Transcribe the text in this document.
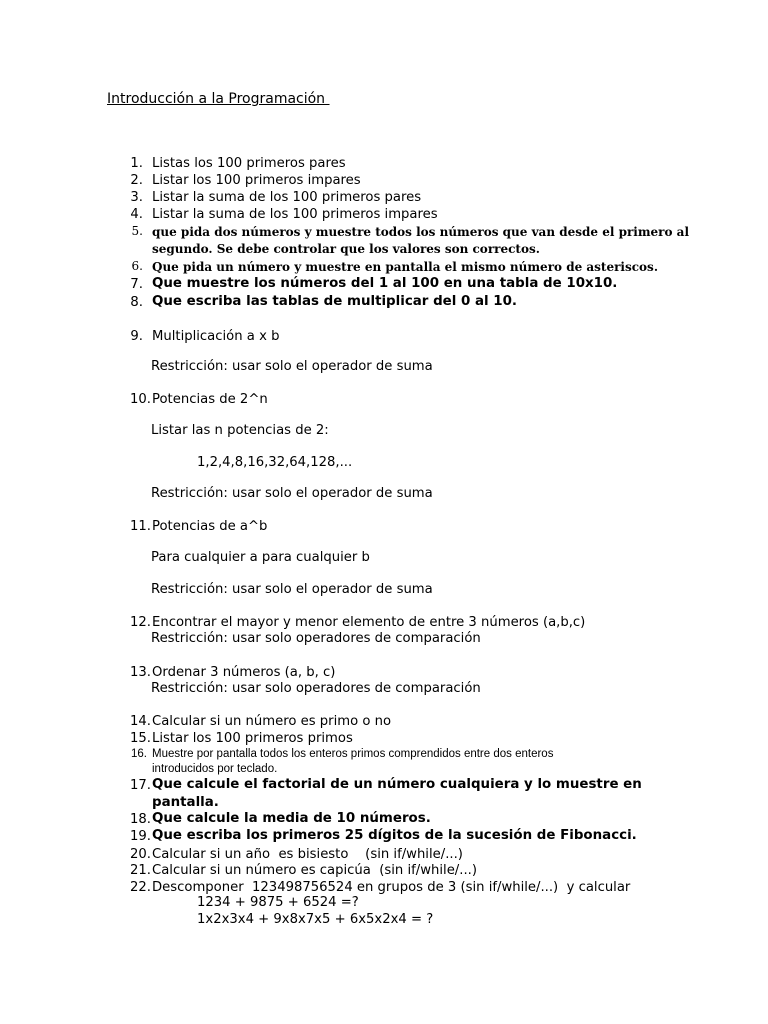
Introducción a la Programación
1. Listas los 100 primeros pares
2. Listar los 100 primeros impares
3. Listar la suma de los 100 primeros pares
4. Listar la suma de los 100 primeros impares
5. que pida dos números y muestre todos los números que van desde el primero al
segundo. Se debe controlar que los valores son correctos.
6. Que pida un número y muestre en pantalla el mismo número de asteriscos.
7. Que muestre los números del 1 al 100 en una tabla de 10x10.
8. Que escriba las tablas de multiplicar del 0 al 10.
9. Multiplicación a x b
Restricción: usar solo el operador de suma
10. Potencias de 2^n
Listar las n potencias de 2:
1,2,4,8,16,32,64,128,...
Restricción: usar solo el operador de suma
11. Potencias de a^b
Para cualquier a para cualquier b
Restricción: usar solo el operador de suma
12. Encontrar el mayor y menor elemento de entre 3 números (a,b,c)
Restricción: usar solo operadores de comparación
13. Ordenar 3 números (a, b, c)
Restricción: usar solo operadores de comparación
14. Calcular si un número es primo o no
15. Listar los 100 primeros primos
16. Muestre por pantalla todos los enteros primos comprendidos entre dos enteros
introducidos por teclado.
17. Que calcule el factorial de un número cualquiera y lo muestre en
pantalla.
18. Que calcule la media de 10 números.
19. Que escriba los primeros 25 dígitos de la sucesión de Fibonacci.
20. Calcular si un año  es bisiesto    (sin if/while/...)
21. Calcular si un número es capicúa  (sin if/while/...)
22. Descomponer  123498756524 en grupos de 3 (sin if/while/...)  y calcular
1234 + 9875 + 6524 =?
1x2x3x4 + 9x8x7x5 + 6x5x2x4 = ?
